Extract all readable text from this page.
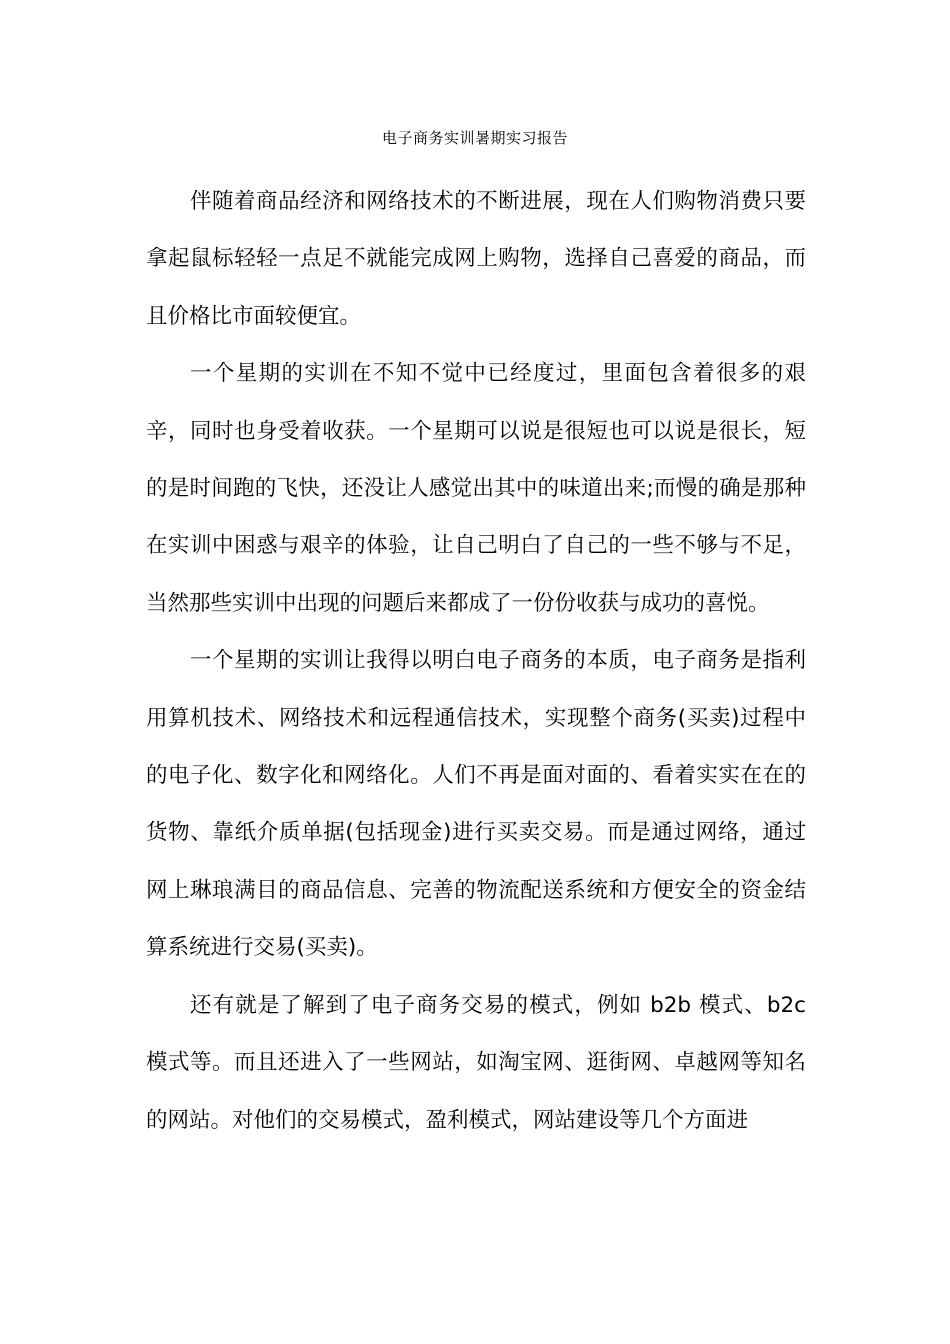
电子商务实训暑期实习报告

伴随着商品经济和网络技术的不断进展，现在人们购物消费只要拿起鼠标轻轻一点足不就能完成网上购物，选择自己喜爱的商品，而且价格比市面较便宜。

一个星期的实训在不知不觉中已经度过，里面包含着很多的艰辛，同时也身受着收获。一个星期可以说是很短也可以说是很长，短的是时间跑的飞快，还没让人感觉出其中的味道出来;而慢的确是那种在实训中困惑与艰辛的体验，让自己明白了自己的一些不够与不足，当然那些实训中出现的问题后来都成了一份份收获与成功的喜悦。

一个星期的实训让我得以明白电子商务的本质，电子商务是指利用算机技术、网络技术和远程通信技术，实现整个商务(买卖)过程中的电子化、数字化和网络化。人们不再是面对面的、看着实实在在的货物、靠纸介质单据(包括现金)进行买卖交易。而是通过网络，通过网上琳琅满目的商品信息、完善的物流配送系统和方便安全的资金结算系统进行交易(买卖)。

还有就是了解到了电子商务交易的模式，例如 b2b 模式、b2c 模式等。而且还进入了一些网站，如淘宝网、逛街网、卓越网等知名的网站。对他们的交易模式，盈利模式，网站建设等几个方面进
